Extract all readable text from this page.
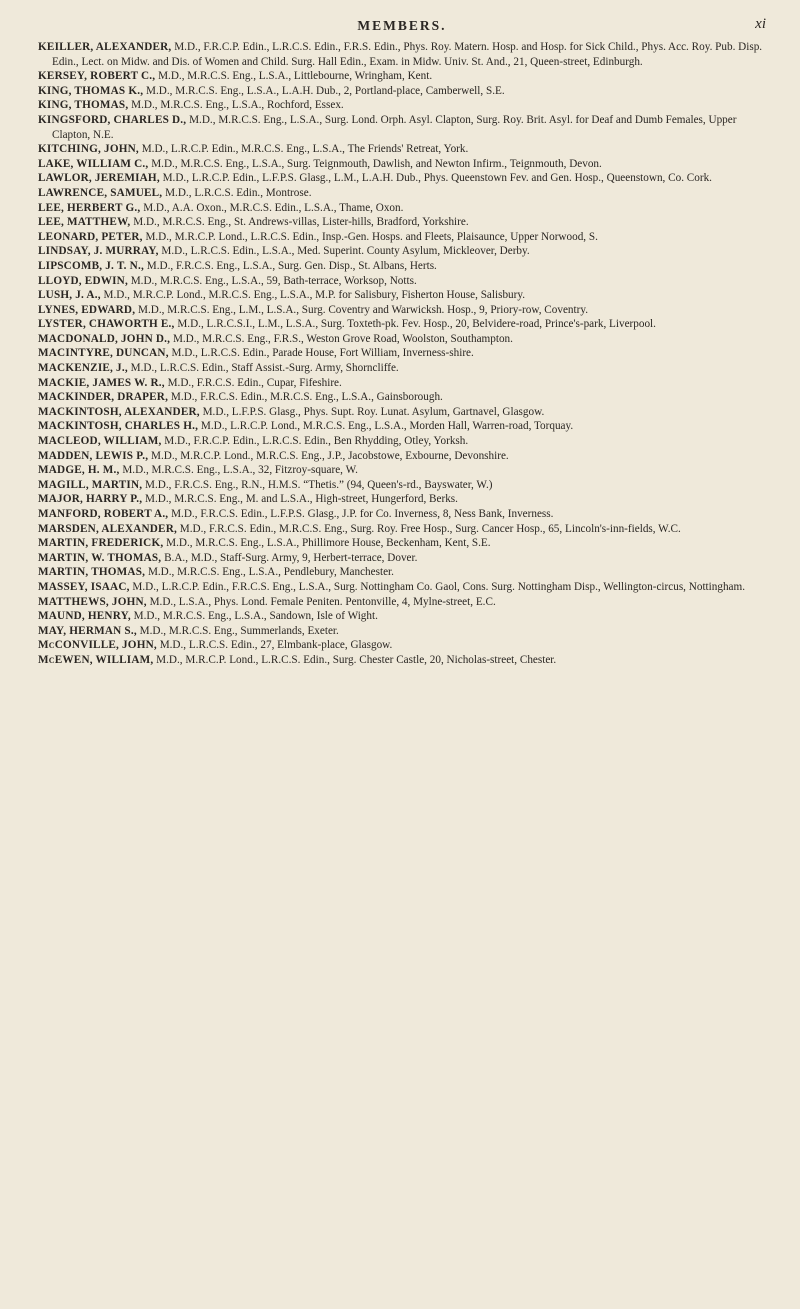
MEMBERS.	xi

KEILLER, ALEXANDER, M.D., F.R.C.P. Edin., L.R.C.S. Edin., F.R.S. Edin., Phys. Roy. Matern. Hosp. and Hosp. for Sick Child., Phys. Acc. Roy. Pub. Disp. Edin., Lect. on Midw. and Dis. of Women and Child. Surg. Hall Edin., Exam. in Midw. Univ. St. And., 21, Queen-street, Edinburgh.

KERSEY, ROBERT C., M.D., M.R.C.S. Eng., L.S.A., Littlebourne, Wringham, Kent.

KING, THOMAS K., M.D., M.R.C.S. Eng., L.S.A., L.A.H. Dub., 2, Portland-place, Camberwell, S.E.

KING, THOMAS, M.D., M.R.C.S. Eng., L.S.A., Rochford, Essex.

KINGSFORD, CHARLES D., M.D., M.R.C.S. Eng., L.S.A., Surg. Lond. Orph. Asyl. Clapton, Surg. Roy. Brit. Asyl. for Deaf and Dumb Females, Upper Clapton, N.E.

KITCHING, JOHN, M.D., L.R.C.P. Edin., M.R.C.S. Eng., L.S.A., The Friends' Retreat, York.

LAKE, WILLIAM C., M.D., M.R.C.S. Eng., L.S.A., Surg. Teignmouth, Dawlish, and Newton Infirm., Teignmouth, Devon.

LAWLOR, JEREMIAH, M.D., L.R.C.P. Edin., L.F.P.S. Glasg., L.M., L.A.H. Dub., Phys. Queenstown Fev. and Gen. Hosp., Queenstown, Co. Cork.

LAWRENCE, SAMUEL, M.D., L.R.C.S. Edin., Montrose.

LEE, HERBERT G., M.D., A.A. Oxon., M.R.C.S. Edin., L.S.A., Thame, Oxon.

LEE, MATTHEW, M.D., M.R.C.S. Eng., St. Andrews-villas, Lister-hills, Bradford, Yorkshire.

LEONARD, PETER, M.D., M.R.C.P. Lond., L.R.C.S. Edin., Insp.-Gen. Hosps. and Fleets, Plaisaunce, Upper Norwood, S.

LINDSAY, J. MURRAY, M.D., L.R.C.S. Edin., L.S.A., Med. Superint. County Asylum, Mickleover, Derby.

LIPSCOMB, J. T. N., M.D., F.R.C.S. Eng., L.S.A., Surg. Gen. Disp., St. Albans, Herts.

LLOYD, EDWIN, M.D., M.R.C.S. Eng., L.S.A., 59, Bath-terrace, Worksop, Notts.

LUSH, J. A., M.D., M.R.C.P. Lond., M.R.C.S. Eng., L.S.A., M.P. for Salisbury, Fisherton House, Salisbury.

LYNES, EDWARD, M.D., M.R.C.S. Eng., L.M., L.S.A., Surg. Coventry and Warwicksh. Hosp., 9, Priory-row, Coventry.

LYSTER, CHAWORTH E., M.D., L.R.C.S.I., L.M., L.S.A., Surg. Toxteth-pk. Fev. Hosp., 20, Belvidere-road, Prince's-park, Liverpool.

MACDONALD, JOHN D., M.D., M.R.C.S. Eng., F.R.S., Weston Grove Road, Woolston, Southampton.

MACINTYRE, DUNCAN, M.D., L.R.C.S. Edin., Parade House, Fort William, Inverness-shire.

MACKENZIE, J., M.D., L.R.C.S. Edin., Staff Assist.-Surg. Army, Shorncliffe.

MACKIE, JAMES W. R., M.D., F.R.C.S. Edin., Cupar, Fifeshire.

MACKINDER, DRAPER, M.D., F.R.C.S. Edin., M.R.C.S. Eng., L.S.A., Gainsborough.

MACKINTOSH, ALEXANDER, M.D., L.F.P.S. Glasg., Phys. Supt. Roy. Lunat. Asylum, Gartnavel, Glasgow.

MACKINTOSH, CHARLES H., M.D., L.R.C.P. Lond., M.R.C.S. Eng., L.S.A., Morden Hall, Warren-road, Torquay.

MACLEOD, WILLIAM, M.D., F.R.C.P. Edin., L.R.C.S. Edin., Ben Rhydding, Otley, Yorksh.

MADDEN, LEWIS P., M.D., M.R.C.P. Lond., M.R.C.S. Eng., J.P., Jacobstowe, Exbourne, Devonshire.

MADGE, H. M., M.D., M.R.C.S. Eng., L.S.A., 32, Fitzroy-square, W.

MAGILL, MARTIN, M.D., F.R.C.S. Eng., R.N., H.M.S. “Thetis.” (94, Queen's-rd., Bayswater, W.)

MAJOR, HARRY P., M.D., M.R.C.S. Eng., M. and L.S.A., High-street, Hungerford, Berks.

MANFORD, ROBERT A., M.D., F.R.C.S. Edin., L.F.P.S. Glasg., J.P. for Co. Inverness, 8, Ness Bank, Inverness.

MARSDEN, ALEXANDER, M.D., F.R.C.S. Edin., M.R.C.S. Eng., Surg. Roy. Free Hosp., Surg. Cancer Hosp., 65, Lincoln's-inn-fields, W.C.

MARTIN, FREDERICK, M.D., M.R.C.S. Eng., L.S.A., Phillimore House, Beckenham, Kent, S.E.

MARTIN, W. THOMAS, B.A., M.D., Staff-Surg. Army, 9, Herbert-terrace, Dover.

MARTIN, THOMAS, M.D., M.R.C.S. Eng., L.S.A., Pendlebury, Manchester.

MASSEY, ISAAC, M.D., L.R.C.P. Edin., F.R.C.S. Eng., L.S.A., Surg. Nottingham Co. Gaol, Cons. Surg. Nottingham Disp., Wellington-circus, Nottingham.

MATTHEWS, JOHN, M.D., L.S.A., Phys. Lond. Female Peniten. Pentonville, 4, Mylne-street, E.C.

MAUND, HENRY, M.D., M.R.C.S. Eng., L.S.A., Sandown, Isle of Wight.

MAY, HERMAN S., M.D., M.R.C.S. Eng., Summerlands, Exeter.

McCONVILLE, JOHN, M.D., L.R.C.S. Edin., 27, Elmbank-place, Glasgow.

McEWEN, WILLIAM, M.D., M.R.C.P. Lond., L.R.C.S. Edin., Surg. Chester Castle, 20, Nicholas-street, Chester.
